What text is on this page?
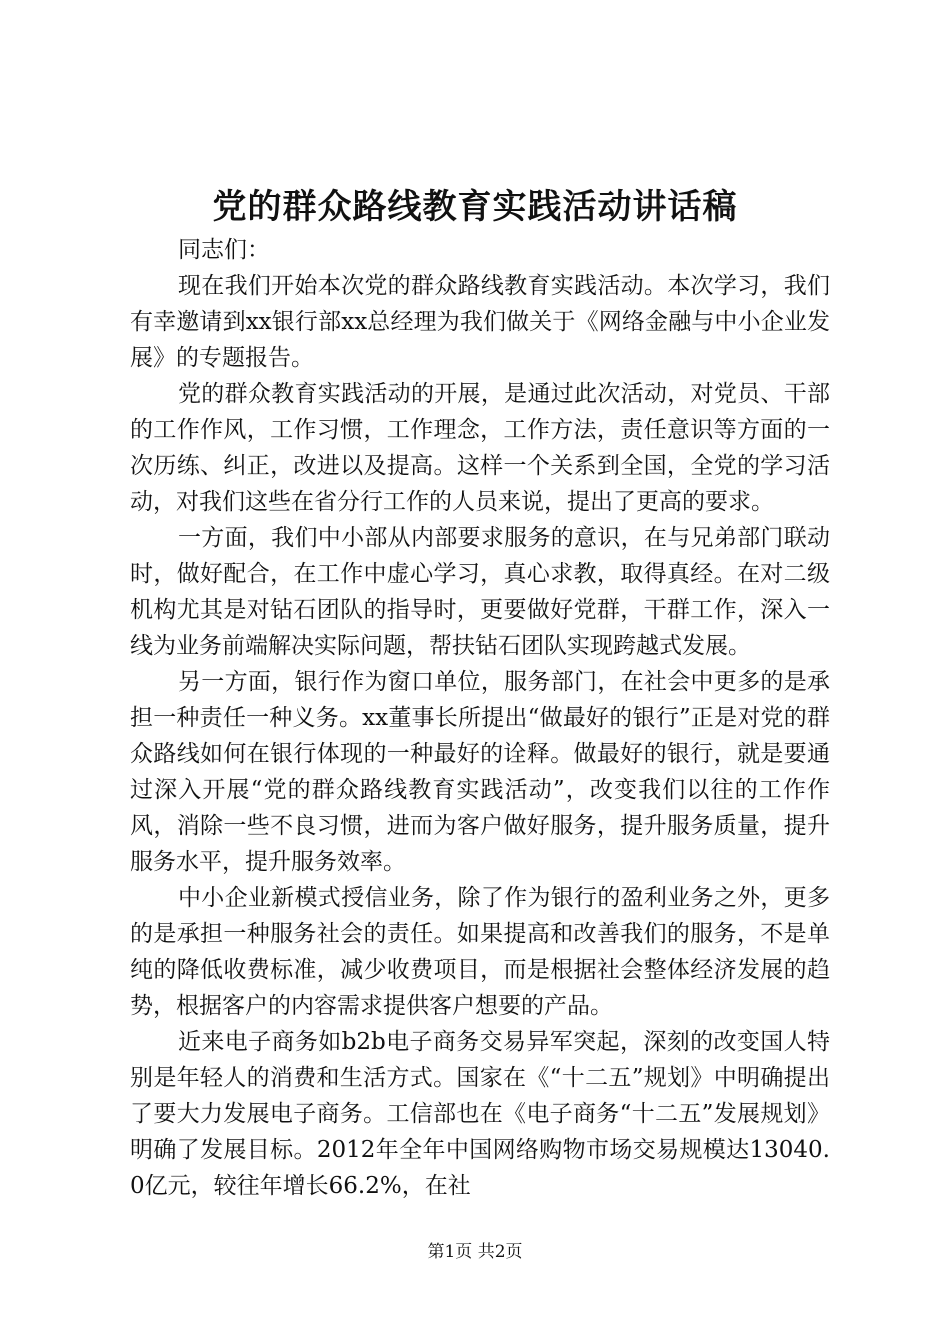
党的群众路线教育实践活动讲话稿

同志们：

现在我们开始本次党的群众路线教育实践活动。本次学习，我们有幸邀请到xx银行部xx总经理为我们做关于《网络金融与中小企业发展》的专题报告。

党的群众教育实践活动的开展，是通过此次活动，对党员、干部的工作作风，工作习惯，工作理念，工作方法，责任意识等方面的一次历练、纠正，改进以及提高。这样一个关系到全国，全党的学习活动，对我们这些在省分行工作的人员来说，提出了更高的要求。

一方面，我们中小部从内部要求服务的意识，在与兄弟部门联动时，做好配合，在工作中虚心学习，真心求教，取得真经。在对二级机构尤其是对钻石团队的指导时，更要做好党群，干群工作，深入一线为业务前端解决实际问题，帮扶钻石团队实现跨越式发展。

另一方面，银行作为窗口单位，服务部门，在社会中更多的是承担一种责任一种义务。xx董事长所提出“做最好的银行”正是对党的群众路线如何在银行体现的一种最好的诠释。做最好的银行，就是要通过深入开展“党的群众路线教育实践活动”，改变我们以往的工作作风，消除一些不良习惯，进而为客户做好服务，提升服务质量，提升服务水平，提升服务效率。

中小企业新模式授信业务，除了作为银行的盈利业务之外，更多的是承担一种服务社会的责任。如果提高和改善我们的服务，不是单纯的降低收费标准，减少收费项目，而是根据社会整体经济发展的趋势，根据客户的内容需求提供客户想要的产品。

近来电子商务如b2b电子商务交易异军突起，深刻的改变国人特别是年轻人的消费和生活方式。国家在《“十二五”规划》中明确提出了要大力发展电子商务。工信部也在《电子商务“十二五”发展规划》明确了发展目标。2012年全年中国网络购物市场交易规模达13040.0亿元，较往年增长66.2%，在社

第1页 共2页
